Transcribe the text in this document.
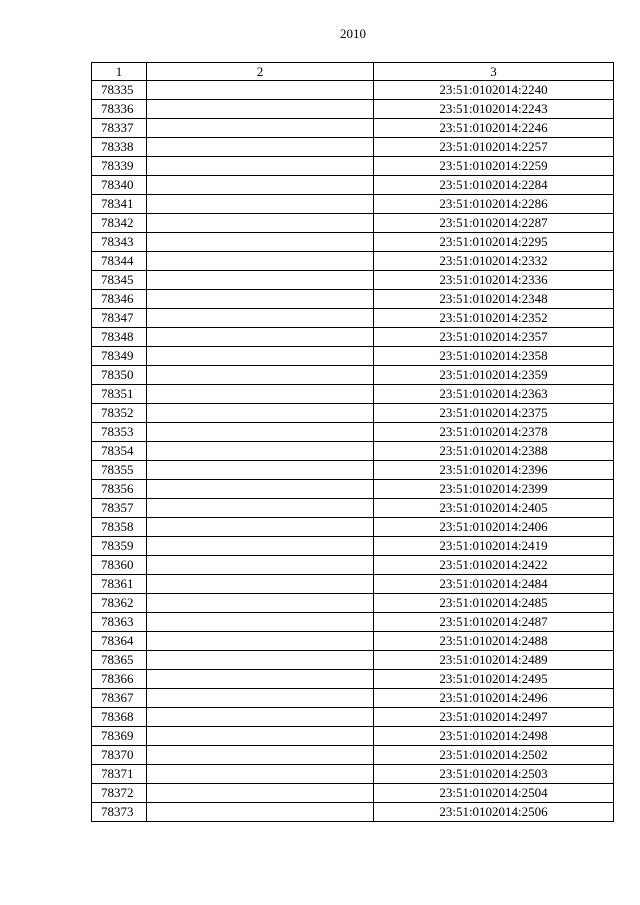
2010
1	2	3
78335		23:51:0102014:2240
78336		23:51:0102014:2243
78337		23:51:0102014:2246
78338		23:51:0102014:2257
78339		23:51:0102014:2259
78340		23:51:0102014:2284
78341		23:51:0102014:2286
78342		23:51:0102014:2287
78343		23:51:0102014:2295
78344		23:51:0102014:2332
78345		23:51:0102014:2336
78346		23:51:0102014:2348
78347		23:51:0102014:2352
78348		23:51:0102014:2357
78349		23:51:0102014:2358
78350		23:51:0102014:2359
78351		23:51:0102014:2363
78352		23:51:0102014:2375
78353		23:51:0102014:2378
78354		23:51:0102014:2388
78355		23:51:0102014:2396
78356		23:51:0102014:2399
78357		23:51:0102014:2405
78358		23:51:0102014:2406
78359		23:51:0102014:2419
78360		23:51:0102014:2422
78361		23:51:0102014:2484
78362		23:51:0102014:2485
78363		23:51:0102014:2487
78364		23:51:0102014:2488
78365		23:51:0102014:2489
78366		23:51:0102014:2495
78367		23:51:0102014:2496
78368		23:51:0102014:2497
78369		23:51:0102014:2498
78370		23:51:0102014:2502
78371		23:51:0102014:2503
78372		23:51:0102014:2504
78373		23:51:0102014:2506
